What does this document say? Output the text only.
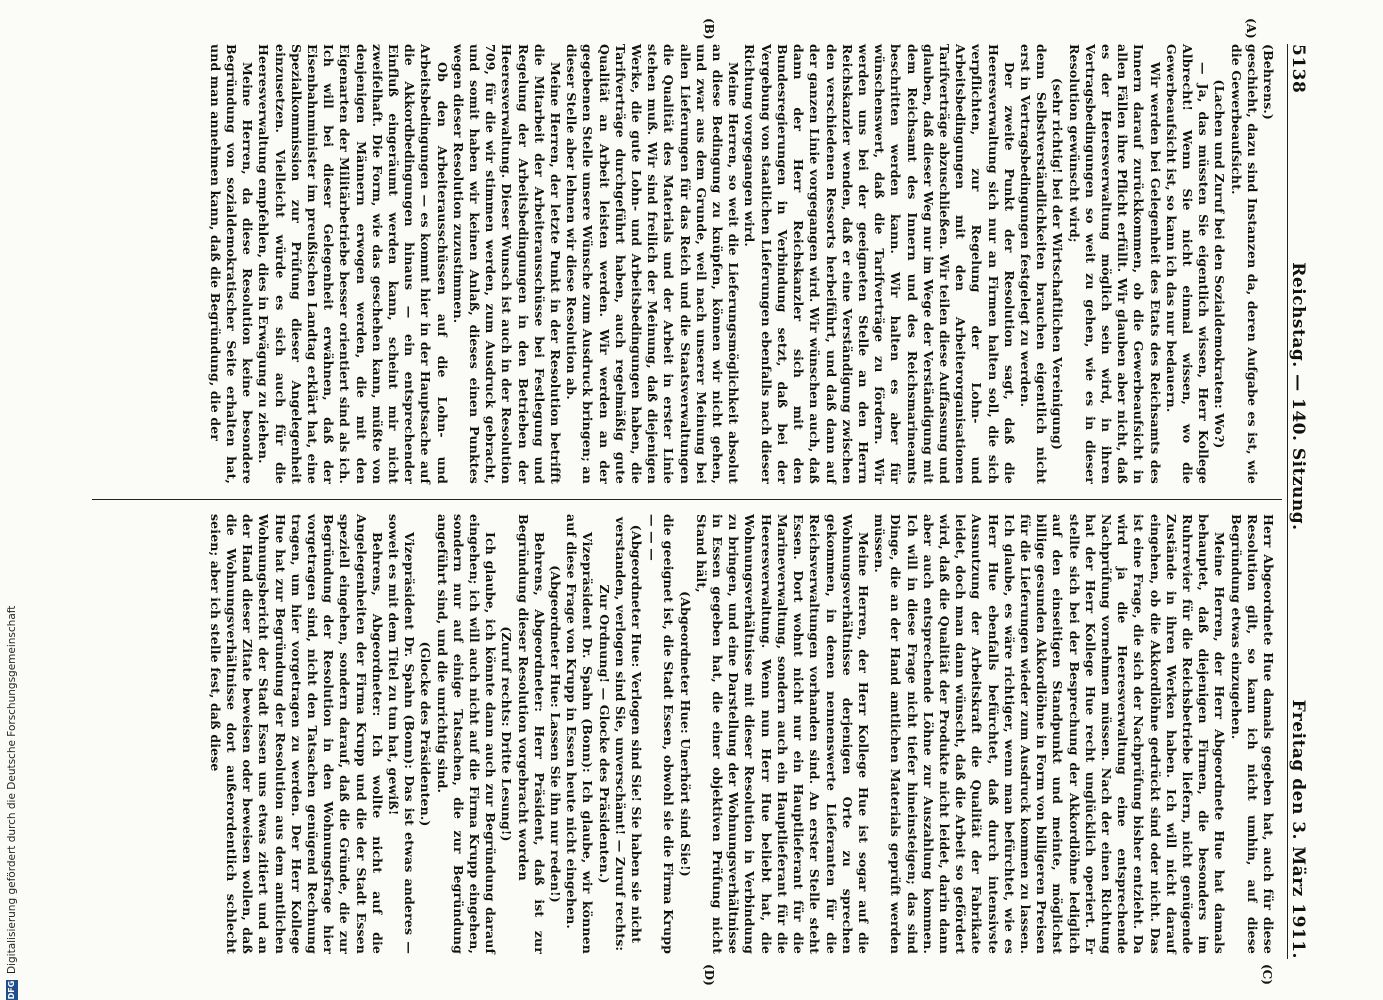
5138
Reichstag. — 140. Sitzung.
Freitag den 3. März 1911.
(A)
(B)
(C)
(D)

(Behrens.)

geschieht, dazu sind Instanzen da, deren Aufgabe es ist, wie die Gewerbeaufsicht.

(Lachen und Zuruf bei den Sozialdemokraten: Wo?)

— Ja, das müssten Sie eigentlich wissen, Herr Kollege Albrecht! Wenn Sie nicht einmal wissen, wo die Gewerbeaufsicht ist, so kann ich das nur bedauern.

Wir werden bei Gelegenheit des Etats des Reichsamts des Innern darauf zurückkommen, ob die Gewerbeaufsicht in allen Fällen ihre Pflicht erfüllt. Wir glauben aber nicht, daß es der Heeresverwaltung möglich sein wird, in ihren Vertragsbedingungen so weit zu gehen, wie es in dieser Resolution gewünscht wird;

(sehr richtig! bei der Wirtschaftlichen Vereinigung)

denn Selbstverständlichkeiten brauchen eigentlich nicht erst in Vertragsbedingungen festgelegt zu werden.

Der zweite Punkt der Resolution sagt, daß die Heeresverwaltung sich nur an Firmen halten soll, die sich verpflichten, zur Regelung der Lohn- und Arbeitsbedingungen mit den Arbeiterorganisationen Tarifverträge abzuschließen. Wir teilen diese Auffassung und glauben, daß dieser Weg nur im Wege der Verständigung mit dem Reichsamt des Innern und des Reichsmarineamts beschritten werden kann. Wir halten es aber für wünschenswert, daß die Tarifverträge zu fördern. Wir werden uns bei der geeigneten Stelle an den Herrn Reichskanzler wenden, daß er eine Verständigung zwischen den verschiedenen Ressorts herbeiführt, und daß dann auf der ganzen Linie vorgegangen wird. Wir wünschen auch, daß dann der Herr Reichskanzler sich mit den Bundesregierungen in Verbindung setzt, daß bei der Vergebung von staatlichen Lieferungen ebenfalls nach dieser Richtung vorgegangen wird.

Meine Herren, so weit die Lieferungsmöglichkeit absolut an diese Bedingung zu knüpfen, können wir nicht gehen, und zwar aus dem Grunde, weil nach unserer Meinung bei allen Lieferungen für das Reich und die Staatsverwaltungen die Qualität des Materials und der Arbeit in erster Linie stehen muß. Wir sind freilich der Meinung, daß diejenigen Werke, die gute Lohn- und Arbeitsbedingungen haben, die Tarifverträge durchgeführt haben, auch regelmäßig gute Qualität an Arbeit leisten werden. Wir werden an der gegebenen Stelle unsere Wünsche zum Ausdruck bringen; an dieser Stelle aber lehnen wir diese Resolution ab.

Meine Herren, der letzte Punkt in der Resolution betrifft die Mitarbeit der Arbeiterausschüsse bei Festlegung und Regelung der Arbeitsbedingungen in den Betrieben der Heeresverwaltung. Dieser Wunsch ist auch in der Resolution 709, für die wir stimmen werden, zum Ausdruck gebracht, und somit haben wir keinen Anlaß, dieses einen Punktes wegen dieser Resolution zuzustimmen.

Ob den Arbeiterausschüssen auf die Lohn- und Arbeitsbedingungen — es kommt hier in der Hauptsache auf die Akkordbedingungen hinaus — ein entsprechender Einfluß eingeräumt werden kann, scheint mir nicht zweifelhaft. Die Form, wie das geschehen kann, müßte von denjenigen Männern erwogen werden, die mit den Eigenarten der Militärbetriebe besser orientiert sind als ich. Ich will bei dieser Gelegenheit erwähnen, daß der Eisenbahnminister im preußischen Landtag erklärt hat, eine Spezialkommission zur Prüfung dieser Angelegenheit einzusetzen. Vielleicht würde es sich auch für die Heeresverwaltung empfehlen, dies in Erwägung zu ziehen.

Meine Herren, da diese Resolution keine besondere Begründung von sozialdemokratischer Seite erhalten hat, und man annehmen kann, daß die Begründung, die der

Herr Abgeordnete Hue damals gegeben hat, auch für diese Resolution gilt, so kann ich nicht umhin, auf diese Begründung etwas einzugehen.

Meine Herren, der Herr Abgeordnete Hue hat damals behauptet, daß diejenigen Firmen, die besonders im Ruhrrevier für die Reichsbetriebe liefern, nicht genügende Zustände in ihren Werken haben. Ich will nicht darauf eingehen, ob die Akkordlöhne gedrückt sind oder nicht. Das ist eine Frage, die sich der Nachprüfung bisher entzieht. Da wird ja die Heeresverwaltung eine entsprechende Nachprüfung vornehmen müssen. Nach der einen Richtung hat der Herr Kollege Hue recht unglücklich operiert. Er stellte sich bei der Besprechung der Akkordlöhne lediglich auf den einseitigen Standpunkt und meinte, möglichst billige gesunden Akkordlöhne in Form von billigeren Preisen für die Lieferungen wieder zum Ausdruck kommen zu lassen. Ich glaube, es wäre richtiger, wenn man befürchtet, wie es Herr Hue ebenfalls befürchtet, daß durch intensivste Ausnutzung der Arbeitskraft die Qualität der Fabrikate leidet, doch man dann wünscht, daß die Arbeit so gefördert wird, daß die Qualität der Produkte nicht leidet, darin dann aber auch entsprechende Löhne zur Auszahlung kommen. Ich will in diese Frage nicht tiefer hineinsteigen; das sind Dinge, die an der Hand amtlichen Materials geprüft werden müssen.

Meine Herren, der Herr Kollege Hue ist sogar auf die Wohnungsverhältnisse derjenigen Orte zu sprechen gekommen, in denen nennenswerte Lieferanten für die Reichsverwaltungen vorhanden sind. An erster Stelle steht Essen. Dort wohnt nicht nur ein Hauptlieferant für die Marineverwaltung, sondern auch ein Hauptlieferant für die Heeresverwaltung. Wenn nun Herr Hue beliebt hat, die Wohnungsverhältnisse mit dieser Resolution in Verbindung zu bringen, und eine Darstellung der Wohnungsverhältnisse in Essen gegeben hat, die einer objektiven Prüfung nicht Stand hält,

(Abgeordneter Hue: Unerhört sind Sie!)

die geeignet ist, die Stadt Essen, obwohl sie die Firma Krupp — — —

(Abgeordneter Hue: Verlogen sind Sie! Sie haben sie nicht verstanden, verlogen sind Sie, unverschämt! — Zuruf rechts: Zur Ordnung! — Glocke des Präsidenten.)

Vizepräsident Dr. Spahn (Bonn): Ich glaube, wir können auf diese Frage von Krupp in Essen heute nicht eingehen.

(Abgeordneter Hue: Lassen Sie ihn nur reden!)

Behrens, Abgeordneter: Herr Präsident, daß ist zur Begründung dieser Resolution vorgebracht worden

(Zuruf rechts: Dritte Lesung!)

Ich glaube, ich könnte dann auch zur Begründung darauf eingehen; ich will auch nicht auf die Firma Krupp eingehen, sondern nur auf einige Tatsachen, die zur Begründung angeführt sind, und die unrichtig sind.

(Glocke des Präsidenten.)

Vizepräsident Dr. Spahn (Bonn): Das ist etwas anderes — soweit es mit dem Titel zu tun hat, gewiß!

Behrens, Abgeordneter: Ich wollte nicht auf die Angelegenheiten der Firma Krupp und die der Stadt Essen speziell eingehen, sondern darauf, daß die Gründe, die zur Begründung der Resolution in den Wohnungsfrage hier vorgetragen sind, nicht den Tatsachen genügend Rechnung tragen, um hier vorgetragen zu werden. Der Herr Kollege Hue hat zur Begründung der Resolution aus dem amtlichen Wohnungsbericht der Stadt Essen uns etwas zitiert und an der Hand dieser Zitate beweisen oder beweisen wollen, daß die Wohnungsverhältnisse dort außerordentlich schlecht seien; aber ich stelle fest, daß diese

DFG
Digitalisierung gefördert durch die Deutsche Forschungsgemeinschaft
